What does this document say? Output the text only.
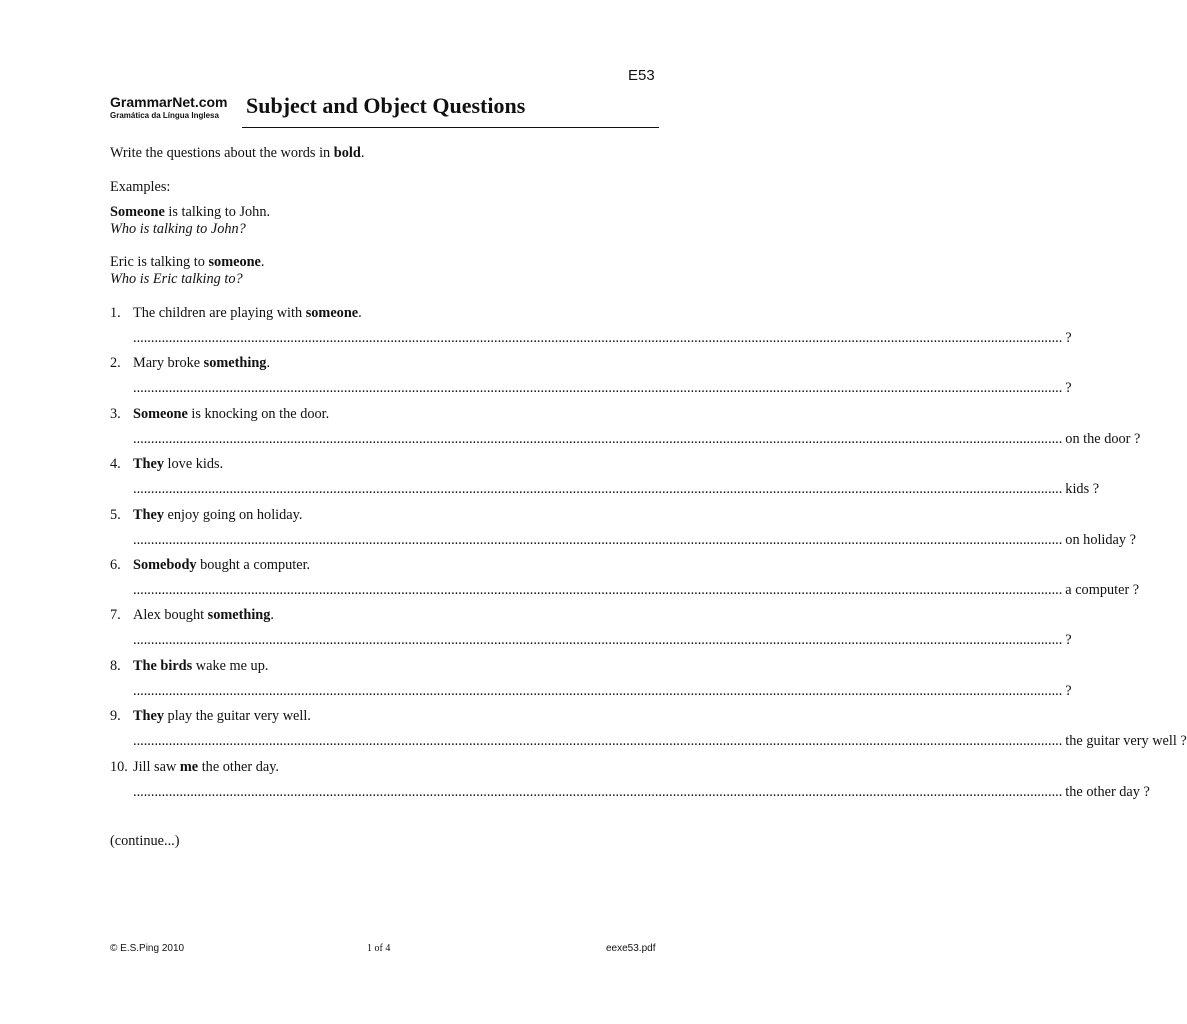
E53
GrammarNet.com
Gramática da Língua Inglesa	Subject and Object Questions
Write the questions about the words in bold.
Examples:
Someone is talking to John.
Who is talking to John?
Eric is talking to someone.
Who is Eric talking to?
1. The children are playing with someone.
.................................................................................................................................................................................................................................................................... ?
2. Mary broke something.
.................................................................................................................................................................................................................................................................... ?
3. Someone is knocking on the door.
.................................................................................................................................................................................................................................................................... on the door ?
4. They love kids.
.................................................................................................................................................................................................................................................................... kids ?
5. They enjoy going on holiday.
.................................................................................................................................................................................................................................................................... on holiday ?
6. Somebody bought a computer.
.................................................................................................................................................................................................................................................................... a computer ?
7. Alex bought something.
.................................................................................................................................................................................................................................................................... ?
8. The birds wake me up.
.................................................................................................................................................................................................................................................................... ?
9. They play the guitar very well.
.................................................................................................................................................................................................................................................................... the guitar very well ?
10. Jill saw me the other day.
.................................................................................................................................................................................................................................................................... the other day ?
(continue...)
© E.S.Ping 2010	1 of 4	eexe53.pdf
